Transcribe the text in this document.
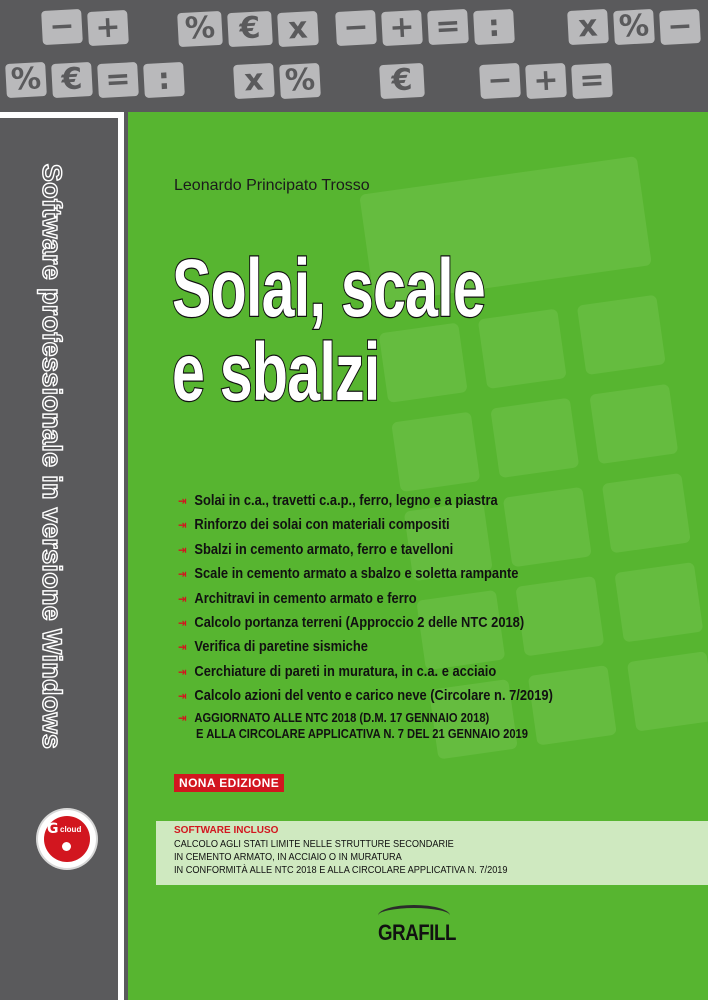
− + % € x	− + = :	x % −
% € = :	x %	€	− + =
Software professionale in versione Windows
G cloud
Leonardo Principato Trosso
Solai, scale
e sbalzi
⇥ Solai in c.a., travetti c.a.p., ferro, legno e a piastra
⇥ Rinforzo dei solai con materiali compositi
⇥ Sbalzi in cemento armato, ferro e tavelloni
⇥ Scale in cemento armato a sbalzo e soletta rampante
⇥ Architravi in cemento armato e ferro
⇥ Calcolo portanza terreni (Approccio 2 delle NTC 2018)
⇥ Verifica di paretine sismiche
⇥ Cerchiature di pareti in muratura, in c.a. e acciaio
⇥ Calcolo azioni del vento e carico neve (Circolare n. 7/2019)
⇥ AGGIORNATO ALLE NTC 2018 (D.M. 17 GENNAIO 2018)
E ALLA CIRCOLARE APPLICATIVA N. 7 DEL 21 GENNAIO 2019
NONA EDIZIONE
SOFTWARE INCLUSO
CALCOLO AGLI STATI LIMITE NELLE STRUTTURE SECONDARIE
IN CEMENTO ARMATO, IN ACCIAIO O IN MURATURA
IN CONFORMITÀ ALLE NTC 2018 E ALLA CIRCOLARE APPLICATIVA N. 7/2019
GRAFILL
